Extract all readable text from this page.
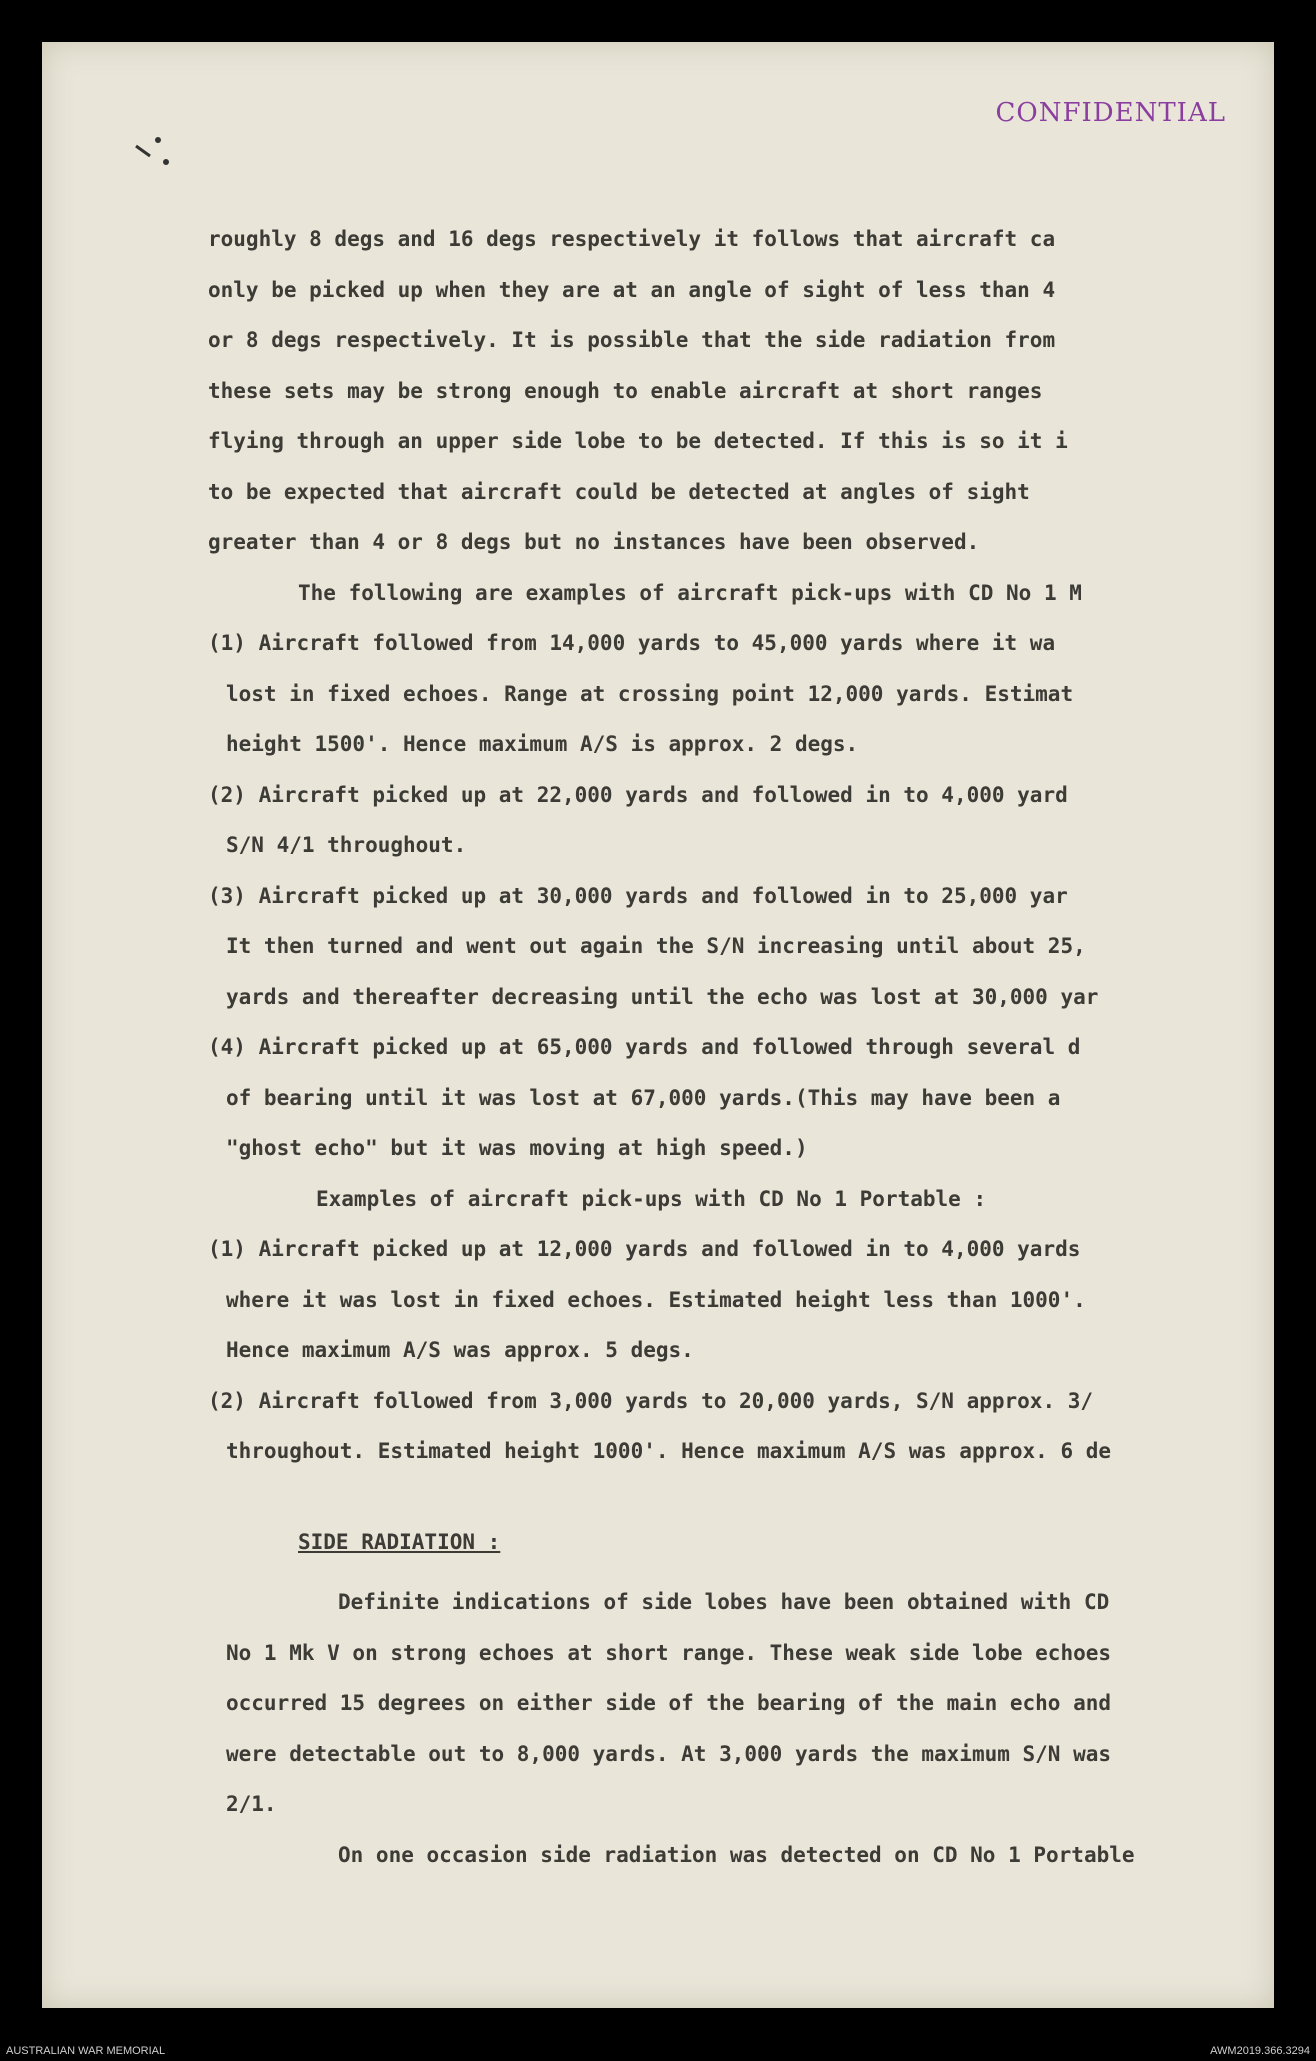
CONFIDENTIAL
roughly 8 degs and 16 degs respectively it follows that aircraft ca
only be picked up when they are at an angle of sight of less than 4
or 8 degs respectively. It is possible that the side radiation from
these sets may be strong enough to enable aircraft at short ranges
flying through an upper side lobe to be detected. If this is so it i
to be expected that aircraft could be detected at angles of sight
greater than 4 or 8 degs but no instances have been observed.
The following are examples of aircraft pick-ups with CD No 1 M
(1) Aircraft followed from 14,000 yards to 45,000 yards where it wa
lost in fixed echoes. Range at crossing point 12,000 yards. Estimat
height 1500'. Hence maximum A/S is approx. 2 degs.
(2) Aircraft picked up at 22,000 yards and followed in to 4,000 yard
S/N 4/1 throughout.
(3) Aircraft picked up at 30,000 yards and followed in to 25,000 yar
It then turned and went out again the S/N increasing until about 25,
yards and thereafter decreasing until the echo was lost at 30,000 yar
(4) Aircraft picked up at 65,000 yards and followed through several d
of bearing until it was lost at 67,000 yards.(This may have been a
"ghost echo" but it was moving at high speed.)
Examples of aircraft pick-ups with CD No 1 Portable :
(1) Aircraft picked up at 12,000 yards and followed in to 4,000 yards
where it was lost in fixed echoes. Estimated height less than 1000'.
Hence maximum A/S was approx. 5 degs.
(2) Aircraft followed from 3,000 yards to 20,000 yards, S/N approx. 3/
throughout. Estimated height 1000'. Hence maximum A/S was approx. 6 de
SIDE RADIATION :
Definite indications of side lobes have been obtained with CD
No 1 Mk V on strong echoes at short range. These weak side lobe echoes
occurred 15 degrees on either side of the bearing of the main echo and
were detectable out to 8,000 yards. At 3,000 yards the maximum S/N was
2/1.
On one occasion side radiation was detected on CD No 1 Portable
AUSTRALIAN WAR MEMORIAL	AWM2019.366.3294
